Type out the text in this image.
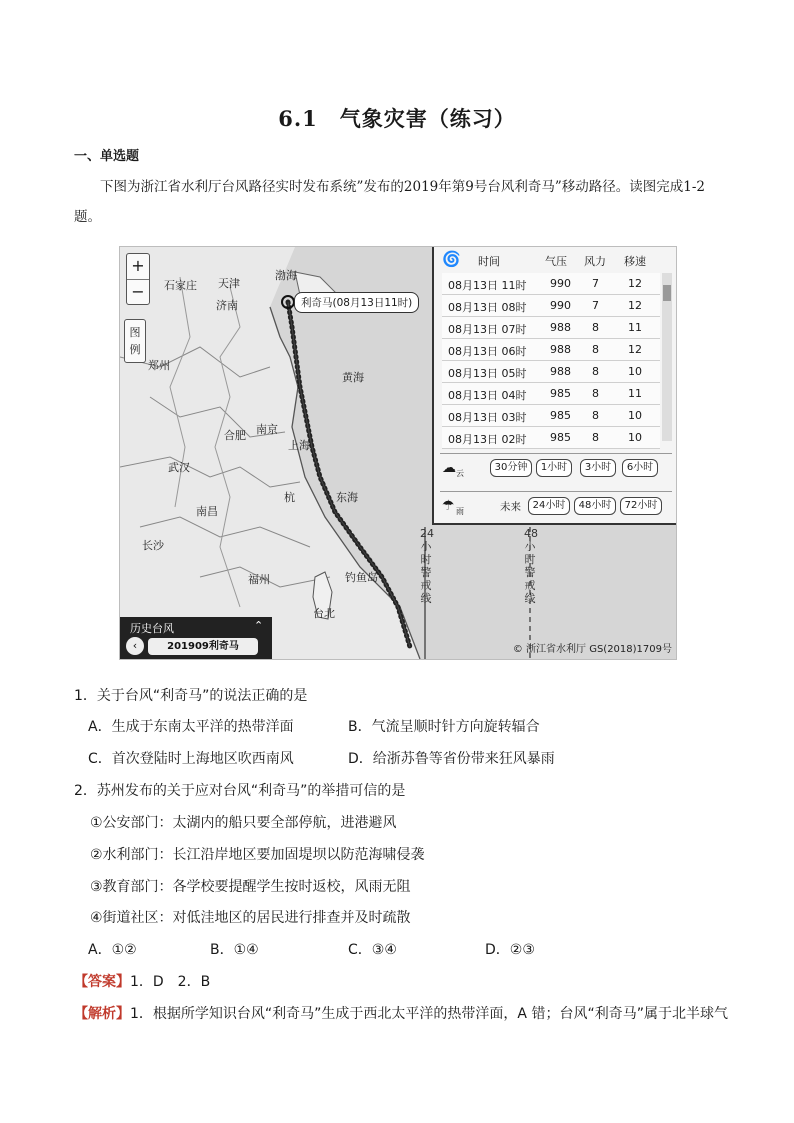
6.1　气象灾害（练习）
一、单选题
下图为浙江省水利厅台风路径实时发布系统”发布的2019年第9号台风利奇马”移动路径。读图完成1-2题。
+
−
图例
石家庄 天津
渤海
济南
郑州
黄海
合肥 南京
上海
武汉
杭	东海
南昌
长沙
福州	钓鱼岛
台北
利奇马(08月13日11时)
24小时警戒线
48小时警戒线
🌀 时间	气压 风力 移速
08月13日 11时 990 7	12
08月13日 08时 990 7	12
08月13日 07时 988 8	11
08月13日 06时 988 8	12
08月13日 05时 988 8	10
08月13日 04时 985 8	11
08月13日 03时 985 8	10
08月13日 02时 985 8	10
☁ 云
30分钟	1小时	3小时	6小时
☂ 雨	未来	24小时	48小时	72小时
历史台风	⌃
‹	201909利奇马	© 浙江省水利厅 GS(2018)1709号
1．关于台风“利奇马”的说法正确的是
A．生成于东南太平洋的热带洋面	B．气流呈顺时针方向旋转辐合
C．首次登陆时上海地区吹西南风	D．给浙苏鲁等省份带来狂风暴雨
2．苏州发布的关于应对台风“利奇马”的举措可信的是
①公安部门：太湖内的船只要全部停航，进港避风
②水利部门：长江沿岸地区要加固堤坝以防范海啸侵袭
③教育部门：各学校要提醒学生按时返校，风雨无阻
④街道社区：对低洼地区的居民进行排查并及时疏散
A．①②	B．①④	C．③④	D．②③
【答案】1．D　2．B
【解析】1．根据所学知识台风“利奇马”生成于西北太平洋的热带洋面，A 错；台风“利奇马”属于北半球气
